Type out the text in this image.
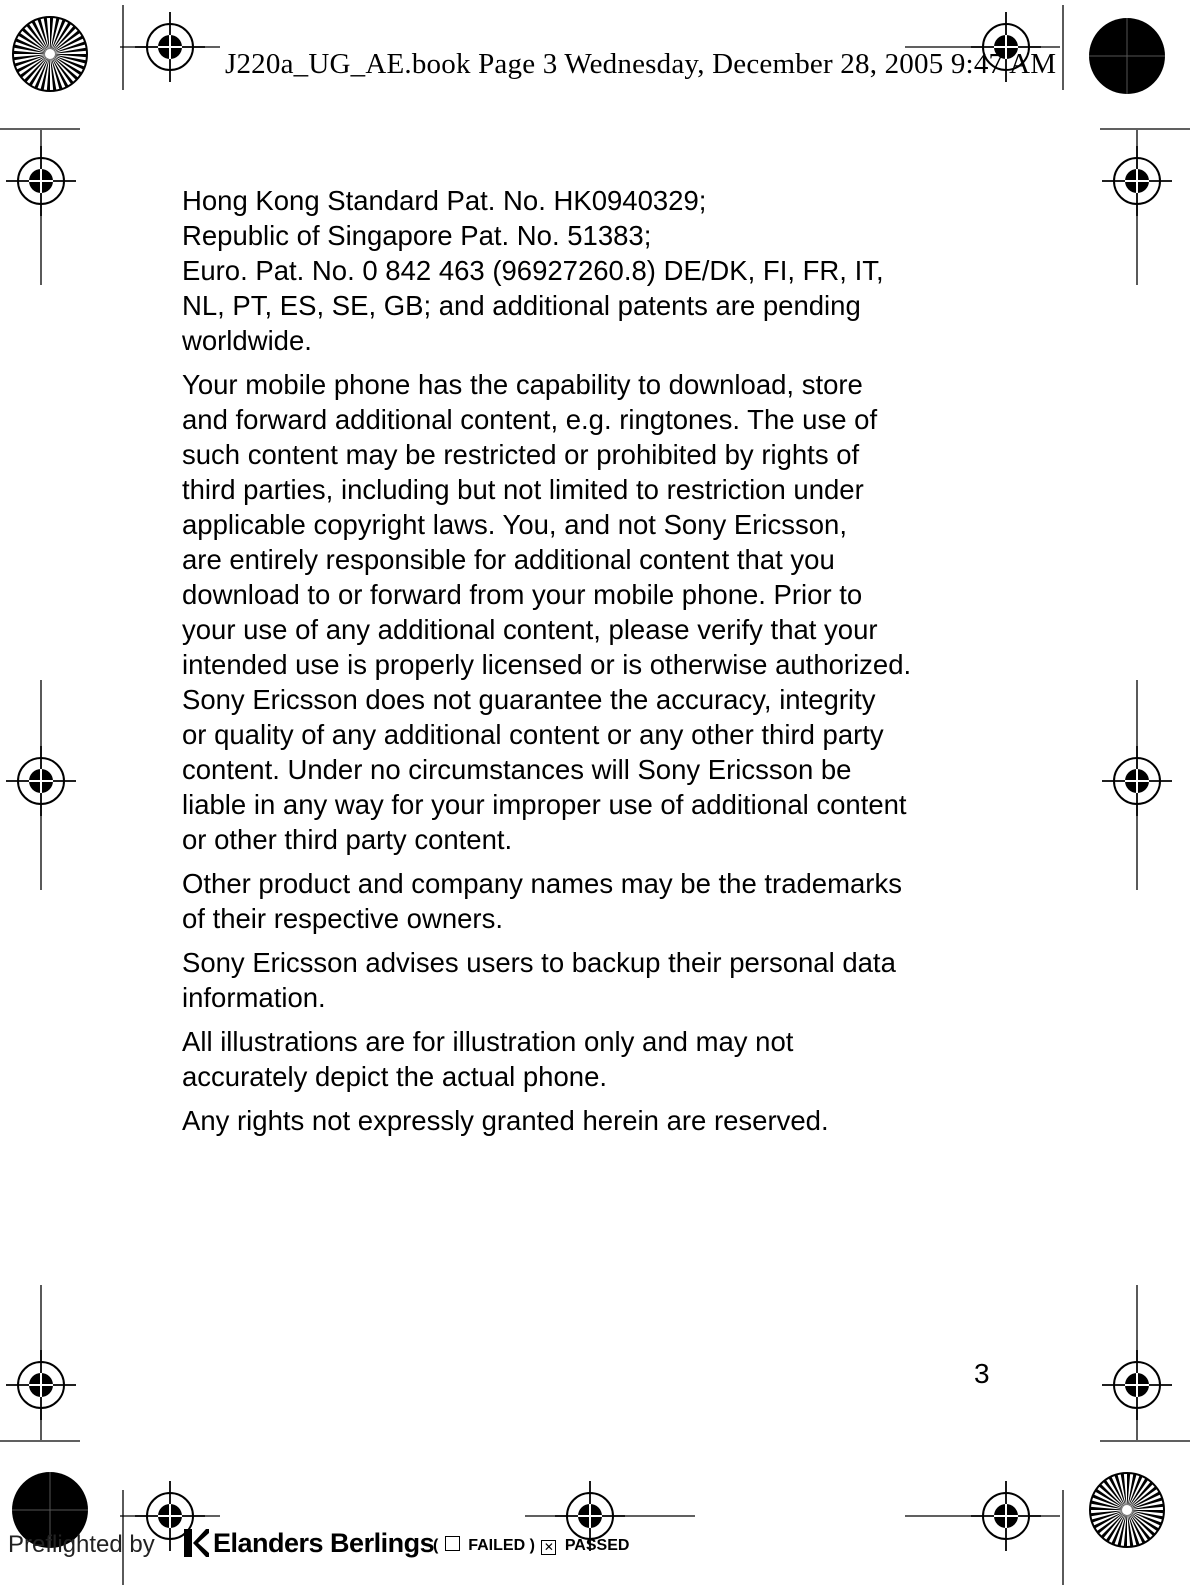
J220a_UG_AE.book Page 3 Wednesday, December 28, 2005 9:47 AM
Hong Kong Standard Pat. No. HK0940329;
Republic of Singapore Pat. No. 51383;
Euro. Pat. No. 0 842 463 (96927260.8) DE/DK, FI, FR, IT,
NL, PT, ES, SE, GB; and additional patents are pending
worldwide.
Your mobile phone has the capability to download, store
and forward additional content, e.g. ringtones. The use of
such content may be restricted or prohibited by rights of
third parties, including but not limited to restriction under
applicable copyright laws. You, and not Sony Ericsson,
are entirely responsible for additional content that you
download to or forward from your mobile phone. Prior to
your use of any additional content, please verify that your
intended use is properly licensed or is otherwise authorized.
Sony Ericsson does not guarantee the accuracy, integrity
or quality of any additional content or any other third party
content. Under no circumstances will Sony Ericsson be
liable in any way for your improper use of additional content
or other third party content.
Other product and company names may be the trademarks
of their respective owners.
Sony Ericsson advises users to backup their personal data
information.
All illustrations are for illustration only and may not
accurately depict the actual phone.
Any rights not expressly granted herein are reserved.
3
Preflighted by Elanders Berlings
( FAILED ) ✕ PASSED
